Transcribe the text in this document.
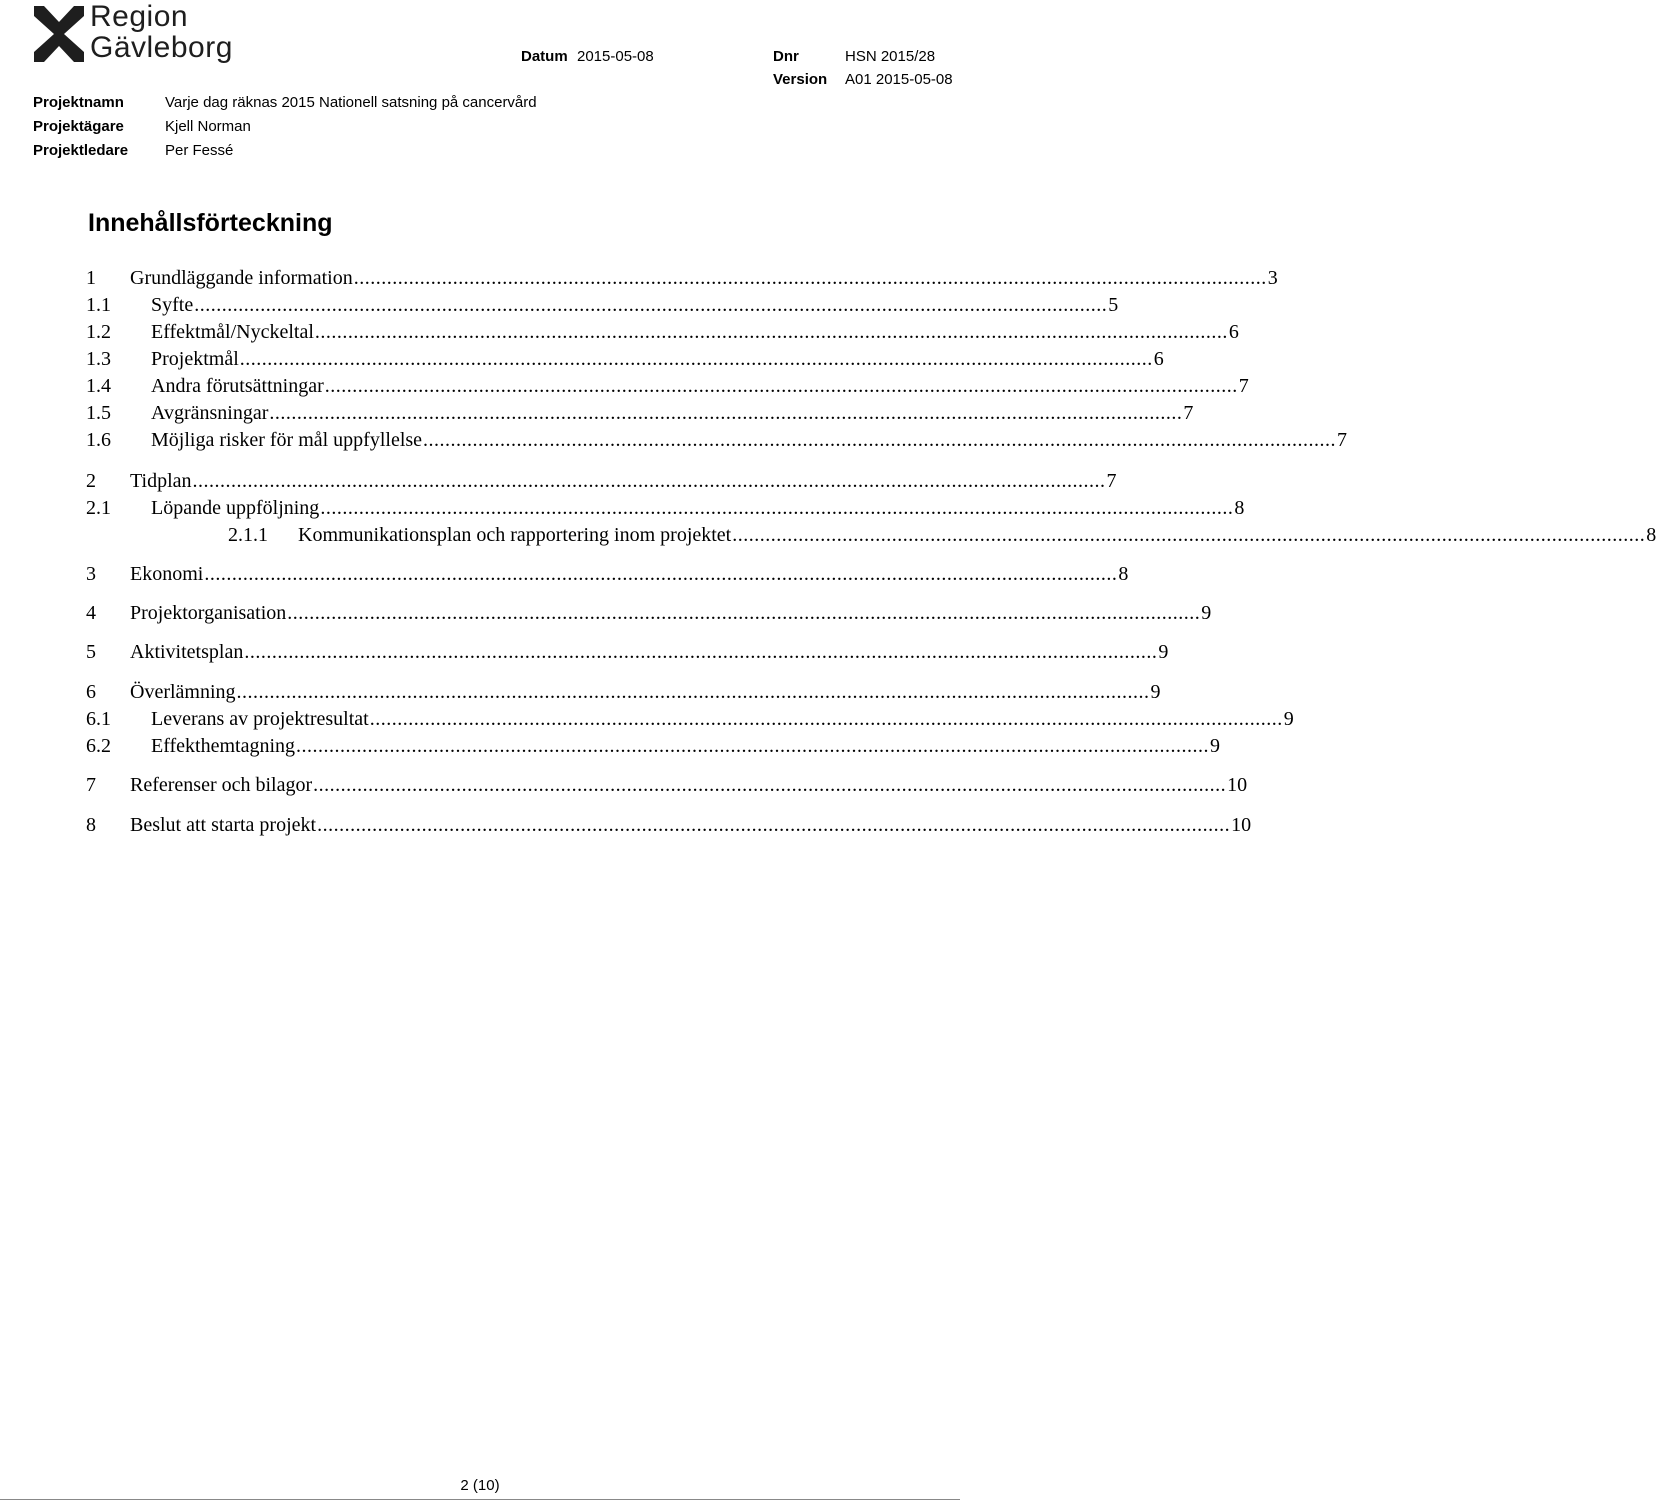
Region
Gävleborg	Datum 2015-05-08	Dnr	HSN 2015/28
Version A01 2015-05-08
Projektnamn	Varje dag räknas 2015 Nationell satsning på cancervård
Projektägare	Kjell Norman
Projektledare Per Fessé
Innehållsförteckning
1	Grundläggande information ...................................................................................................................................................................... 3
1.1	Syfte ...................................................................................................................................................................... 5
1.2	Effektmål/Nyckeltal ...................................................................................................................................................................... 6
1.3	Projektmål ...................................................................................................................................................................... 6
1.4	Andra förutsättningar ...................................................................................................................................................................... 7
1.5	Avgränsningar ...................................................................................................................................................................... 7
1.6	Möjliga risker för mål uppfyllelse ...................................................................................................................................................................... 7
2	Tidplan ...................................................................................................................................................................... 7
2.1	Löpande uppföljning ...................................................................................................................................................................... 8
2.1.1	Kommunikationsplan och rapportering inom projektet ...................................................................................................................................................................... 8
3	Ekonomi ...................................................................................................................................................................... 8
4	Projektorganisation ...................................................................................................................................................................... 9
5	Aktivitetsplan ...................................................................................................................................................................... 9
6	Överlämning ...................................................................................................................................................................... 9
6.1	Leverans av projektresultat ...................................................................................................................................................................... 9
6.2	Effekthemtagning ...................................................................................................................................................................... 9
7	Referenser och bilagor ...................................................................................................................................................................... 10
8	Beslut att starta projekt ...................................................................................................................................................................... 10
2 (10)
